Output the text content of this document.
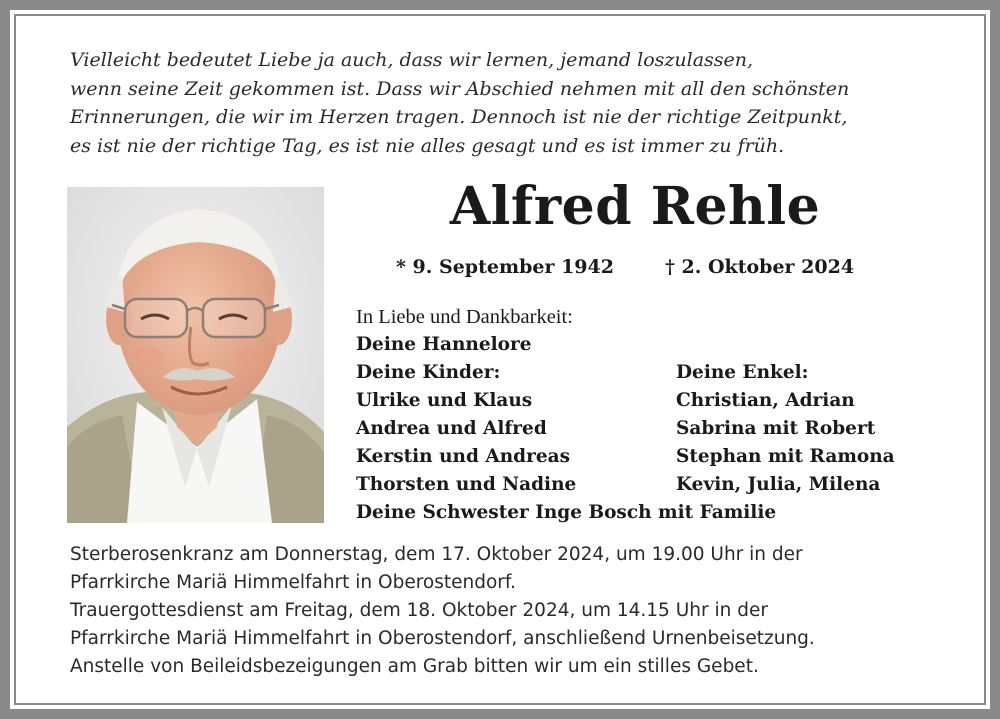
Vielleicht bedeutet Liebe ja auch, dass wir lernen, jemand loszulassen,
wenn seine Zeit gekommen ist. Dass wir Abschied nehmen mit all den schönsten
Erinnerungen, die wir im Herzen tragen. Dennoch ist nie der richtige Zeitpunkt,
es ist nie der richtige Tag, es ist nie alles gesagt und es ist immer zu früh.
Alfred Rehle
* 9. September 1942	† 2. Oktober 2024
In Liebe und Dankbarkeit:
Deine Hannelore
Deine Kinder:
Ulrike und Klaus
Andrea und Alfred
Kerstin und Andreas
Thorsten und Nadine
Deine Enkel:
Christian, Adrian
Sabrina mit Robert
Stephan mit Ramona
Kevin, Julia, Milena
Deine Schwester Inge Bosch mit Familie
Sterberosenkranz am Donnerstag, dem 17. Oktober 2024, um 19.00 Uhr in der
Pfarrkirche Mariä Himmelfahrt in Oberostendorf.
Trauergottesdienst am Freitag, dem 18. Oktober 2024, um 14.15 Uhr in der
Pfarrkirche Mariä Himmelfahrt in Oberostendorf, anschließend Urnenbeisetzung.
Anstelle von Beileidsbezeigungen am Grab bitten wir um ein stilles Gebet.
